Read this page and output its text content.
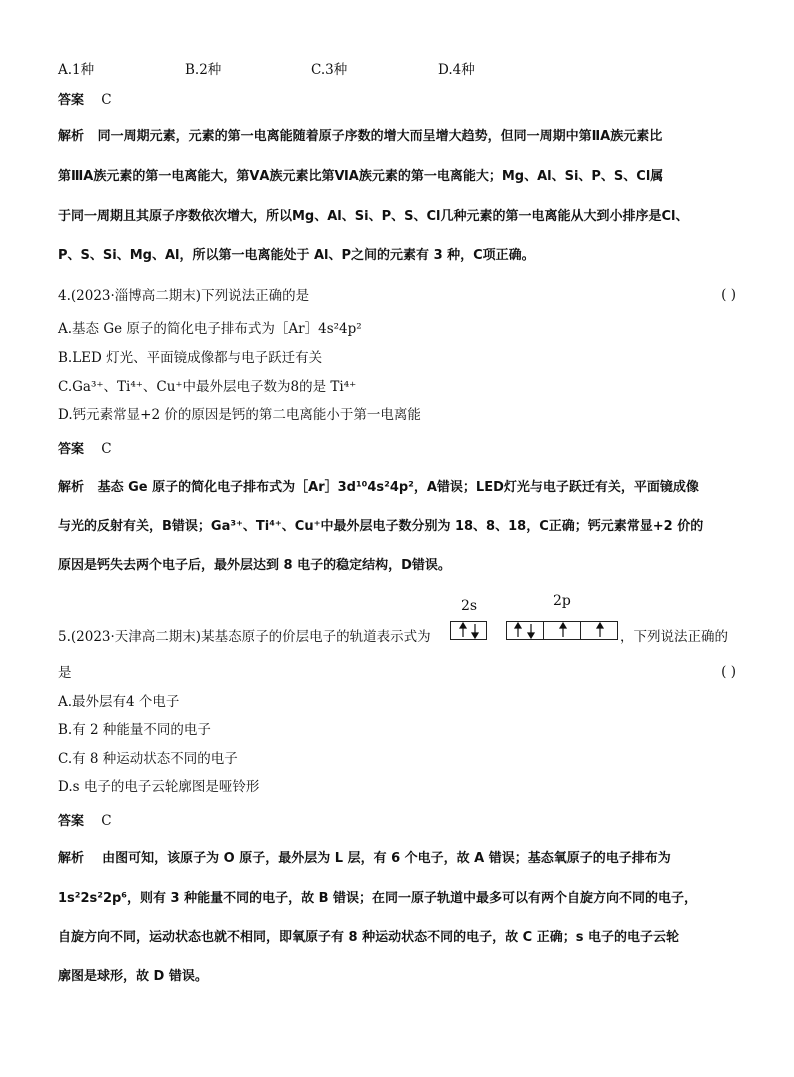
A.1种	B.2种	C.3种	D.4种
答案 C
解析 同一周期元素，元素的第一电离能随着原子序数的增大而呈增大趋势，但同一周期中第ⅡA族元素比
第ⅢA族元素的第一电离能大，第ⅤA族元素比第ⅥA族元素的第一电离能大；Mg、Al、Si、P、S、Cl属
于同一周期且其原子序数依次增大，所以Mg、Al、Si、P、S、Cl几种元素的第一电离能从大到小排序是Cl、
P、S、Si、Mg、Al，所以第一电离能处于 Al、P之间的元素有 3 种，C项正确。
4.(2023·淄博高二期末)下列说法正确的是	( )
A.基态 Ge 原子的简化电子排布式为［Ar］4s²4p²
B.LED 灯光、平面镜成像都与电子跃迁有关
C.Ga³⁺、Ti⁴⁺、Cu⁺中最外层电子数为8的是 Ti⁴⁺
D.钙元素常显+2 价的原因是钙的第二电离能小于第一电离能
答案 C
解析 基态 Ge 原子的简化电子排布式为［Ar］3d¹⁰4s²4p²，A错误；LED灯光与电子跃迁有关，平面镜成像
与光的反射有关，B错误；Ga³⁺、Ti⁴⁺、Cu⁺中最外层电子数分别为 18、8、18，C正确；钙元素常显+2 价的
原因是钙失去两个电子后，最外层达到 8 电子的稳定结构，D错误。
5.(2023·天津高二期末)某基态原子的价层电子的轨道表示式为
2s	2p
，下列说法正确的
是	( )
A.最外层有4 个电子
B.有 2 种能量不同的电子
C.有 8 种运动状态不同的电子
D.s 电子的电子云轮廓图是哑铃形
答案 C
解析 由图可知，该原子为 O 原子，最外层为 L 层，有 6 个电子，故 A 错误；基态氧原子的电子排布为
1s²2s²2p⁶，则有 3 种能量不同的电子，故 B 错误；在同一原子轨道中最多可以有两个自旋方向不同的电子，
自旋方向不同，运动状态也就不相同，即氧原子有 8 种运动状态不同的电子，故 C 正确；s 电子的电子云轮
廓图是球形，故 D 错误。
